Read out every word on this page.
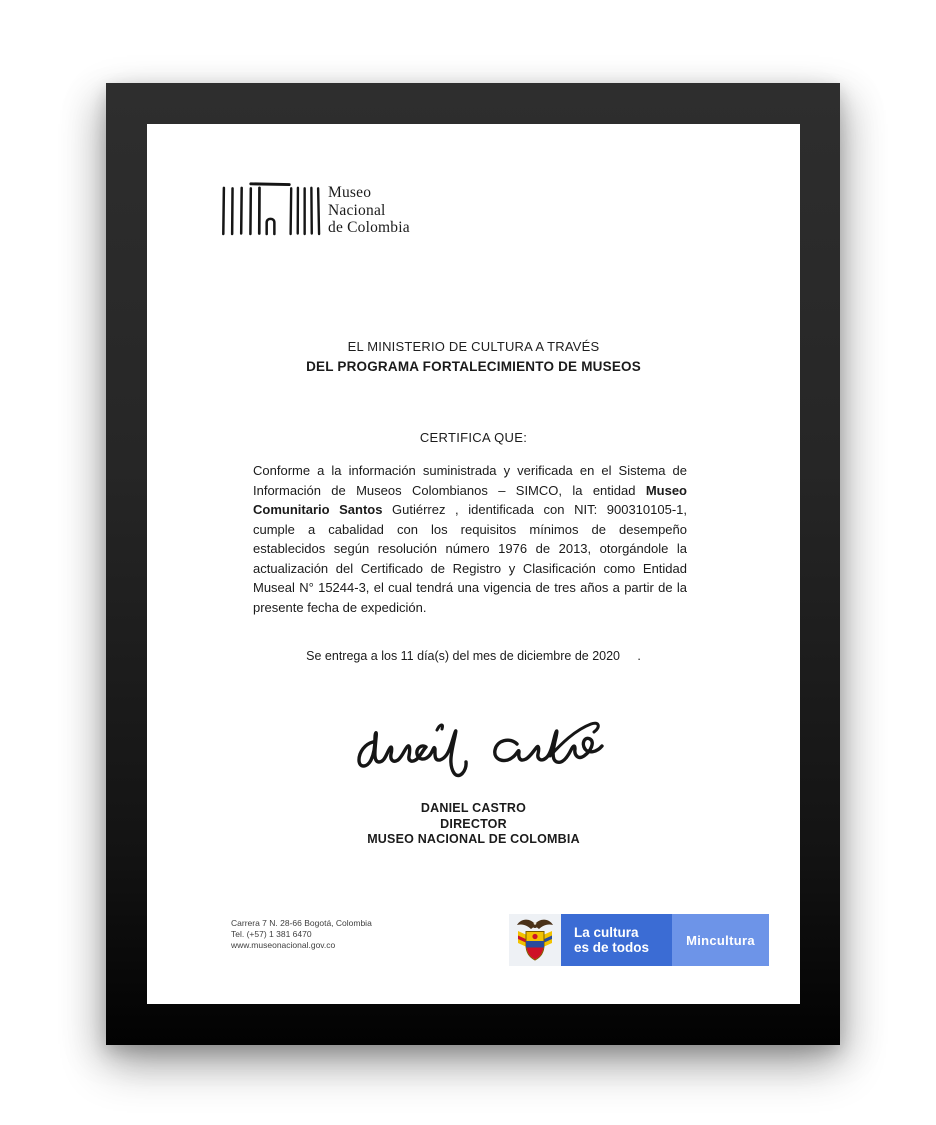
Museo
Nacional
de Colombia
EL MINISTERIO DE CULTURA A TRAVÉS
DEL PROGRAMA FORTALECIMIENTO DE MUSEOS
CERTIFICA QUE:
Conforme a la información suministrada y verificada en el Sistema de Información de Museos Colombianos – SIMCO, la entidad Museo Comunitario Santos Gutiérrez , identificada con NIT: 900310105-1, cumple a cabalidad con los requisitos mínimos de desempeño establecidos según resolución número 1976 de 2013, otorgándole la actualización del Certificado de Registro y Clasificación como Entidad Museal N° 15244-3, el cual tendrá una vigencia de tres años a partir de la presente fecha de expedición.
Se entrega a los 11 día(s) del mes de diciembre de 2020     .
DANIEL CASTRO
DIRECTOR
MUSEO NACIONAL DE COLOMBIA
Carrera 7 N. 28-66 Bogotá, Colombia
Tel. (+57) 1 381 6470
www.museonacional.gov.co
La cultura
es de todos	Mincultura
